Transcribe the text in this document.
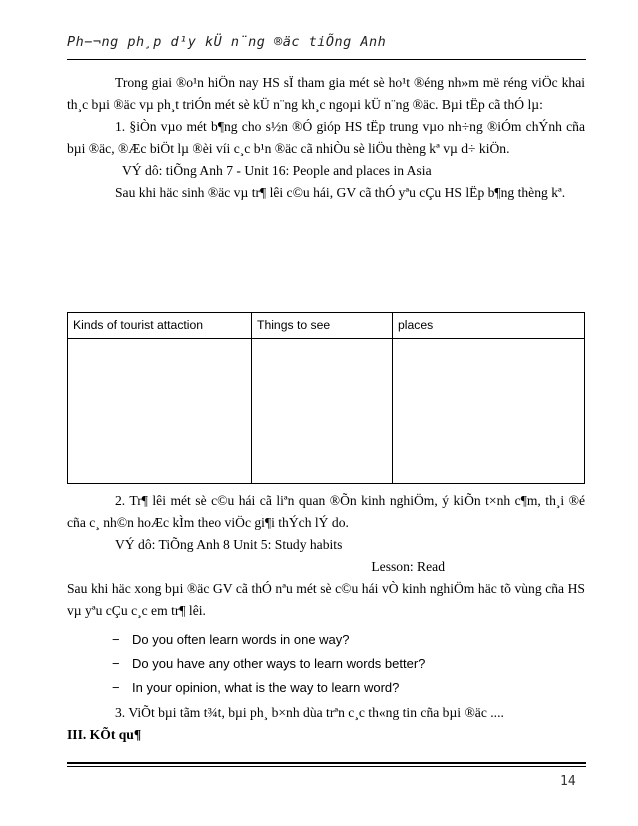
Ph−¬ng ph¸p d¹y kÜ n¨ng ®äc tiÕng Anh
Trong giai ®o¹n hiÖn nay HS sÏ tham gia mét sè ho¹t ®éng nh»m më réng viÖc khai th¸c bµi ®äc vµ ph¸t triÓn mét sè kÜ n¨ng kh¸c ngoµi kÜ n¨ng ®äc. Bµi tËp cã thÓ lµ:
1. §iÒn vµo mét b¶ng cho s½n ®Ó gióp HS tËp trung vµo nh÷ng ®iÓm chÝnh cña bµi ®äc, ®Æc biÖt lµ ®èi víi c¸c b¹n ®äc cã nhiÒu sè liÖu thèng kª vµ d÷ kiÖn.
VÝ dô: tiÕng Anh 7 - Unit 16: People and places in Asia
Sau khi häc sinh ®äc vµ tr¶ lêi c©u hái, GV cã thÓ yªu cÇu HS lËp b¶ng thèng kª.
Kinds of tourist attaction	Things to see	places

2. Tr¶ lêi mét sè c©u hái cã liªn quan ®Õn kinh nghiÖm, ý kiÕn t×nh c¶m, th¸i ®é cña c¸ nh©n hoÆc kÌm theo viÖc gi¶i thÝch lÝ do.
VÝ dô: TiÕng Anh 8 Unit 5: Study habits
Lesson: Read
Sau khi häc xong bµi ®äc GV cã thÓ nªu mét sè c©u hái vÒ kinh nghiÖm häc tõ vùng cña HS vµ yªu cÇu c¸c em tr¶ lêi.
− Do you often learn words in one way?
− Do you have any other ways to learn words better?
− In your opinion, what is the way to learn word?
3. ViÕt bµi tãm t¾t, bµi ph¸ b×nh dùa trªn c¸c th«ng tin cña bµi ®äc ....
III. KÕt qu¶
14
